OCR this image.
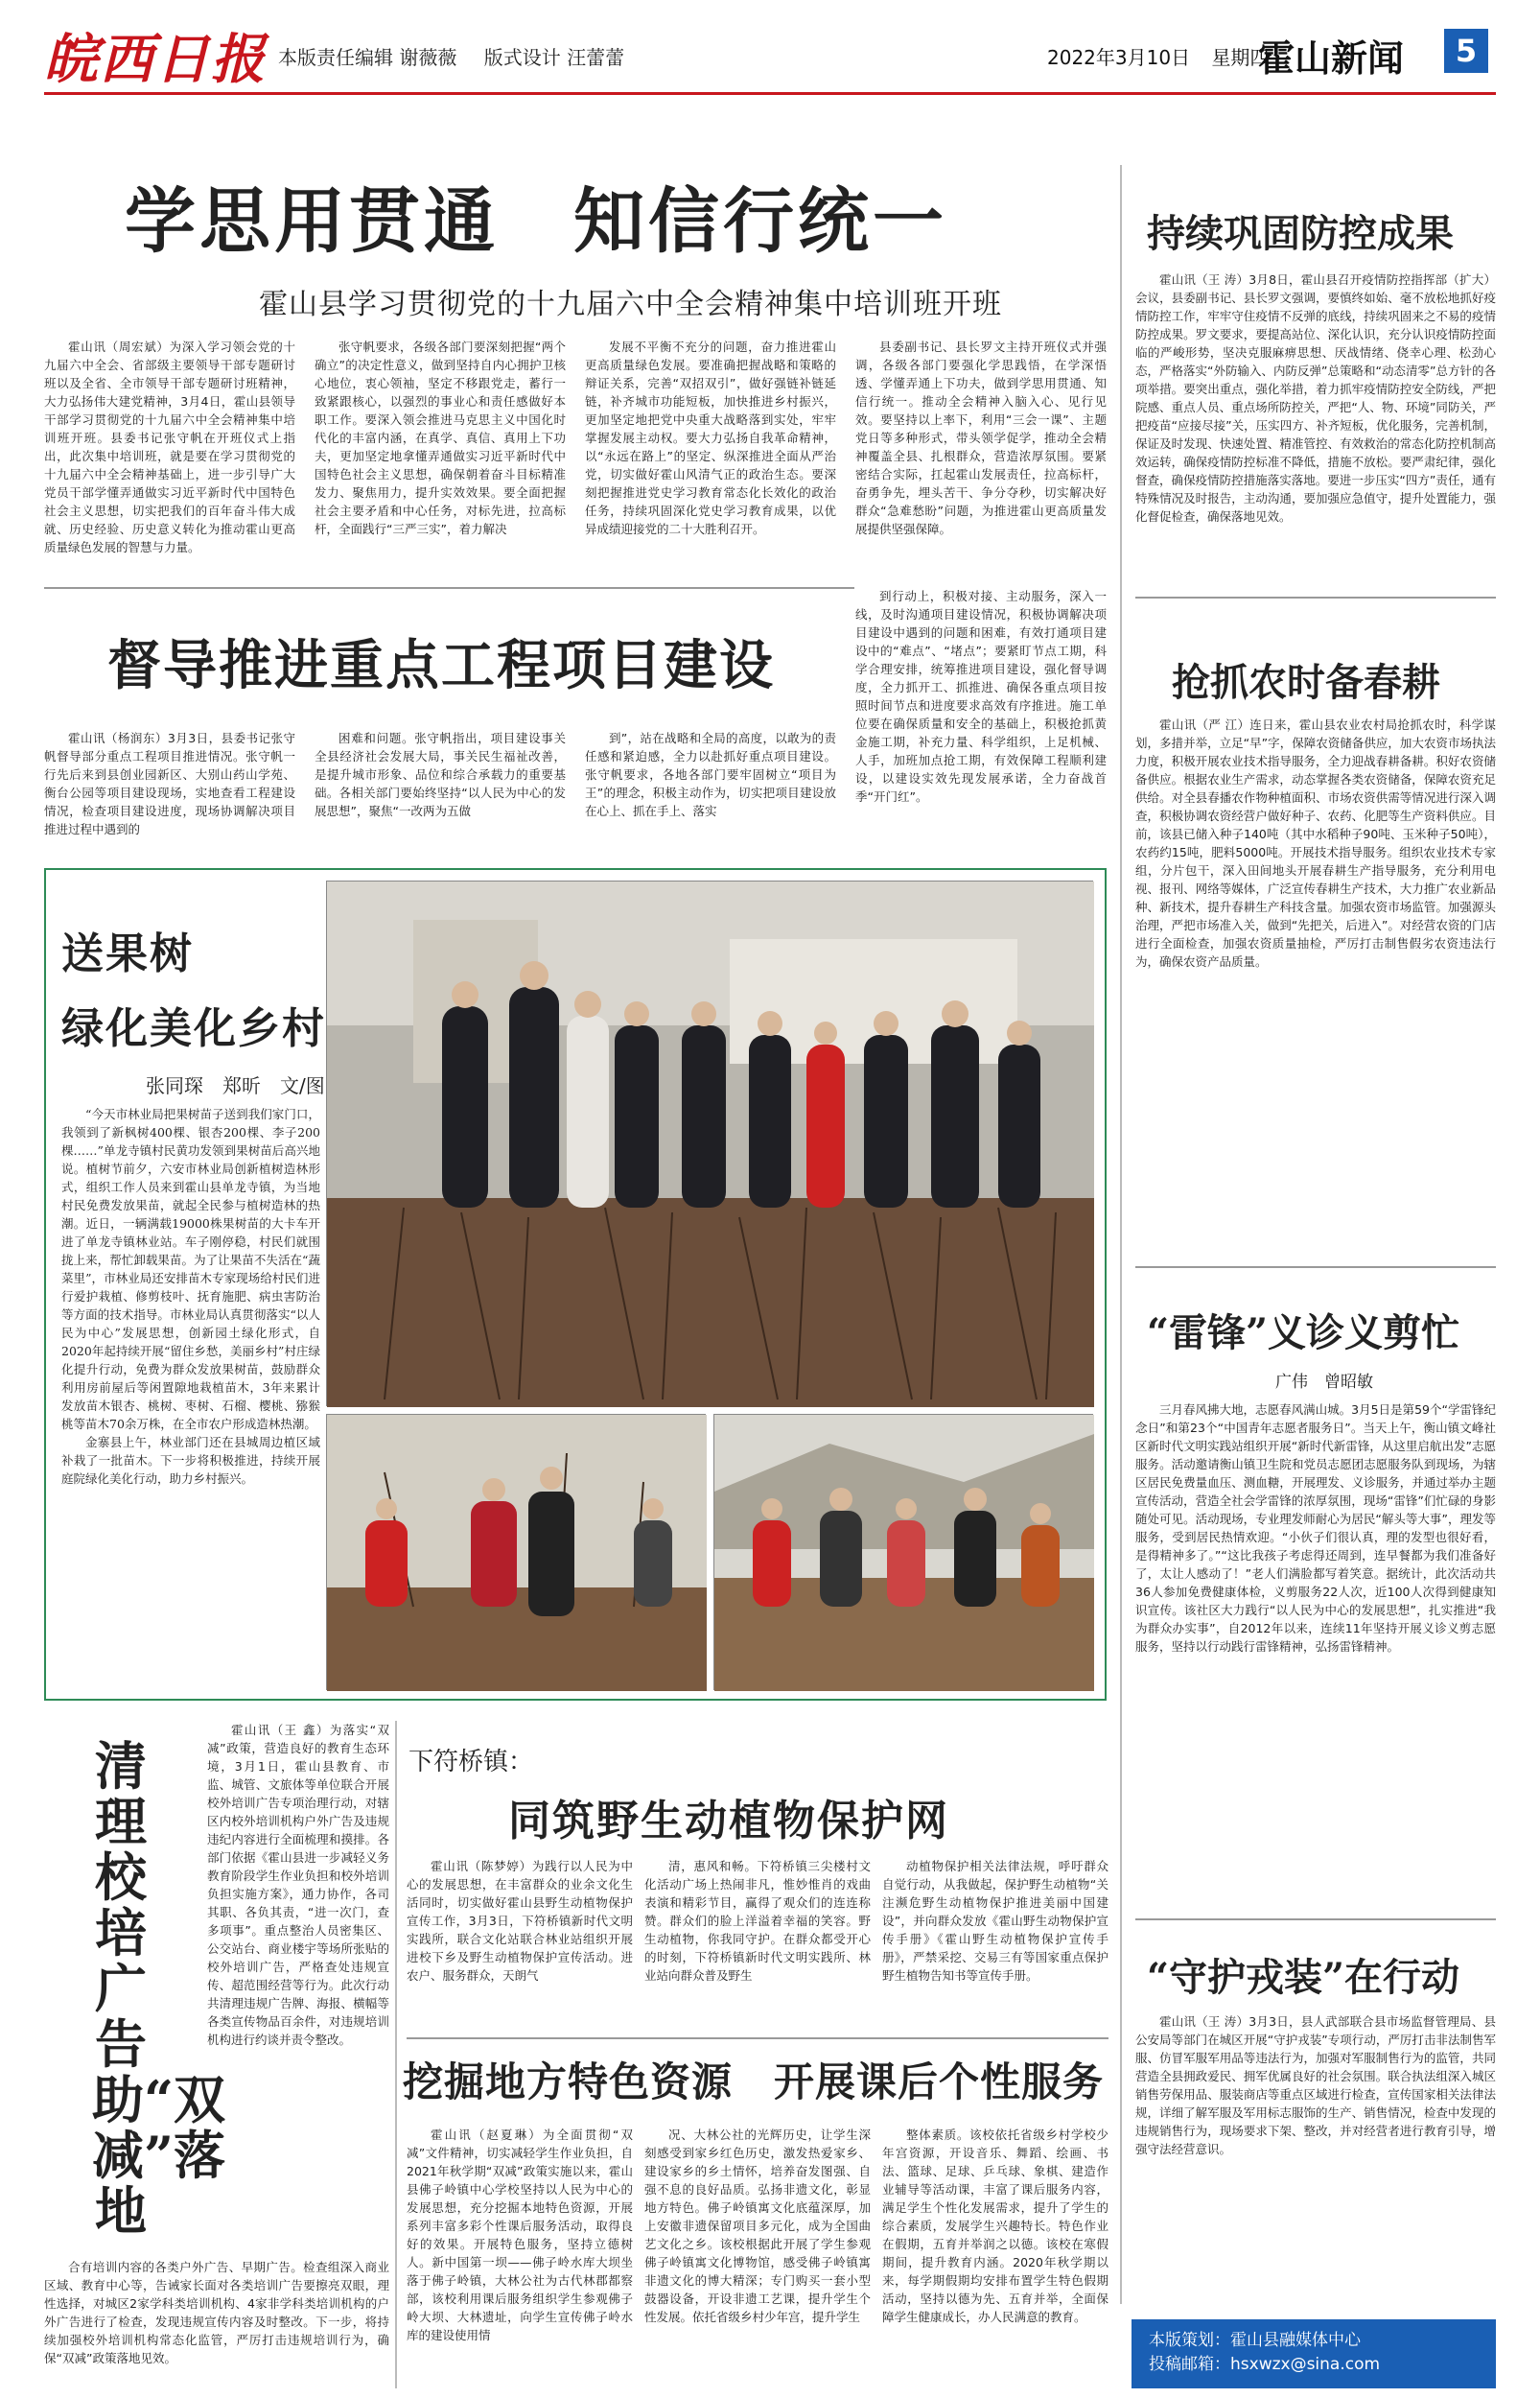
皖西日报 本版责任编辑 谢薇薇 版式设计 汪蕾蕾	2022年3月10日 星期四
霍山新闻	5
学思用贯通　知信行统一
霍山县学习贯彻党的十九届六中全会精神集中培训班开班

霍山讯（周宏斌）为深入学习领会党的十九届六中全会、省部级主要领导干部专题研讨班以及全省、全市领导干部专题研讨班精神，大力弘扬伟大建党精神，3月4日，霍山县领导干部学习贯彻党的十九届六中全会精神集中培训班开班。县委书记张守帆在开班仪式上指出，此次集中培训班，就是要在学习贯彻党的十九届六中全会精神基础上，进一步引导广大党员干部学懂弄通做实习近平新时代中国特色社会主义思想，切实把我们的百年奋斗伟大成就、历史经验、历史意义转化为推动霍山更高质量绿色发展的智慧与力量。

张守帆要求，各级各部门要深刻把握“两个确立”的决定性意义，做到坚持自内心拥护卫核心地位，衷心领袖，坚定不移跟党走，蓄行一致紧跟核心，以强烈的事业心和责任感做好本职工作。要深入领会推进马克思主义中国化时代化的丰富内涵，在真学、真信、真用上下功夫，更加坚定地拿懂弄通做实习近平新时代中国特色社会主义思想，确保朝着奋斗目标精准发力、聚焦用力，提升实效效果。要全面把握社会主要矛盾和中心任务，对标先进，拉高标杆，全面践行“三严三实”，着力解决

发展不平衡不充分的问题，奋力推进霍山更高质量绿色发展。要准确把握战略和策略的辩证关系，完善“双招双引”，做好强链补链延链，补齐城市功能短板，加快推进乡村振兴，更加坚定地把党中央重大战略落到实处，牢牢掌握发展主动权。要大力弘扬自我革命精神，以“永远在路上”的坚定、纵深推进全面从严治党，切实做好霍山风清气正的政治生态。要深刻把握推进党史学习教育常态化长效化的政治任务，持续巩固深化党史学习教育成果，以优异成绩迎接党的二十大胜利召开。

县委副书记、县长罗文主持开班仪式并强调，各级各部门要强化学思践悟，在学深悟透、学懂弄通上下功夫，做到学思用贯通、知信行统一。推动全会精神入脑入心、见行见效。要坚持以上率下，利用“三会一课”、主题党日等多种形式，带头领学促学，推动全会精神覆盖全县、扎根群众，营造浓厚氛围。要紧密结合实际，扛起霍山发展责任，拉高标杆，奋勇争先，埋头苦干、争分夺秒，切实解决好群众“急难愁盼”问题，为推进霍山更高质量发展提供坚强保障。

督导推进重点工程项目建设

霍山讯（杨润东）3月3日，县委书记张守帆督导部分重点工程项目推进情况。张守帆一行先后来到县创业园新区、大别山药山学苑、衡台公园等项目建设现场，实地查看工程建设情况，检查项目建设进度，现场协调解决项目推进过程中遇到的

困难和问题。张守帆指出，项目建设事关全县经济社会发展大局，事关民生福祉改善，是提升城市形象、品位和综合承载力的重要基础。各相关部门要始终坚持“以人民为中心的发展思想”，聚焦“一改两为五做

到”，站在战略和全局的高度，以敢为的责任感和紧迫感，全力以赴抓好重点项目建设。张守帆要求，各地各部门要牢固树立“项目为王”的理念，积极主动作为，切实把项目建设放在心上、抓在手上、落实

到行动上，积极对接、主动服务，深入一线，及时沟通项目建设情况，积极协调解决项目建设中遇到的问题和困难，有效打通项目建设中的“难点”、“堵点”；要紧盯节点工期，科学合理安排，统筹推进项目建设，强化督导调度，全力抓开工、抓推进、确保各重点项目按照时间节点和进度要求高效有序推进。施工单位要在确保质量和安全的基础上，积极抢抓黄金施工期，补充力量、科学组织，上足机械、人手，加班加点抢工期，有效保障工程顺利建设，以建设实效先现发展承诺，全力奋战首季“开门红”。

送果树
绿化美化乡村
张同琛　郑昕　文/图

“今天市林业局把果树苗子送到我们家门口，我领到了新枫树400棵、银杏200棵、李子200棵……”单龙寺镇村民黄功发领到果树苗后高兴地说。植树节前夕，六安市林业局创新植树造林形式，组织工作人员来到霍山县单龙寺镇，为当地村民免费发放果苗，就起全民参与植树造林的热潮。近日，一辆满载19000株果树苗的大卡车开进了单龙寺镇林业站。车子刚停稳，村民们就围拢上来，帮忙卸载果苗。为了让果苗不失活在“蔬菜里”，市林业局还安排苗木专家现场给村民们进行爱护栽植、修剪枝叶、抚育施肥、病虫害防治等方面的技术指导。市林业局认真贯彻落实“以人民为中心”发展思想，创新园土绿化形式，自2020年起持续开展“留住乡愁，美丽乡村”村庄绿化提升行动，免费为群众发放果树苗，鼓励群众利用房前屋后等闲置隙地栽植苗木，3年来累计发放苗木银杏、桃树、枣树、石榴、樱桃、猕猴桃等苗木70余万株，在全市农户形成造林热潮。

金寨县上午，林业部门还在县城周边植区域补栽了一批苗木。下一步将积极推进，持续开展庭院绿化美化行动，助力乡村振兴。

持续巩固防控成果

霍山讯（王 涛）3月8日，霍山县召开疫情防控指挥部（扩大）会议，县委副书记、县长罗文强调，要慎终如始、毫不放松地抓好疫情防控工作，牢牢守住疫情不反弹的底线，持续巩固来之不易的疫情防控成果。罗文要求，要提高站位、深化认识，充分认识疫情防控面临的严峻形势，坚决克服麻痹思想、厌战情绪、侥幸心理、松劲心态，严格落实“外防输入、内防反弹”总策略和“动态清零”总方针的各项举措。要突出重点，强化举措，着力抓牢疫情防控安全防线，严把院感、重点人员、重点场所防控关，严把“人、物、环境”同防关，严把疫苗“应接尽接”关，压实四方、补齐短板，优化服务，完善机制，保证及时发现、快速处置、精准管控、有效救治的常态化防控机制高效运转，确保疫情防控标准不降低，措施不放松。要严肃纪律，强化督查，确保疫情防控措施落实落地。要进一步压实“四方”责任，通有特殊情况及时报告，主动沟通，要加强应急值守，提升处置能力，强化督促检查，确保落地见效。

抢抓农时备春耕

霍山讯（严 江）连日来，霍山县农业农村局抢抓农时，科学谋划，多措并举，立足“早”字，保障农资储备供应，加大农资市场执法力度，积极开展农业技术指导服务，全力迎战春耕备耕。积好农资储备供应。根据农业生产需求，动态掌握各类农资储备，保障农资充足供给。对全县春播农作物种植面积、市场农资供需等情况进行深入调查，积极协调农资经营户做好种子、农药、化肥等生产资料供应。目前，该县已储入种子140吨（其中水稻种子90吨、玉米种子50吨），农药约15吨，肥料5000吨。开展技术指导服务。组织农业技术专家组，分片包干，深入田间地头开展春耕生产指导服务，充分利用电视、报刊、网络等媒体，广泛宣传春耕生产技术，大力推广农业新品种、新技术，提升春耕生产科技含量。加强农资市场监管。加强源头治理，严把市场准入关，做到“先把关，后进入”。对经营农资的门店进行全面检查，加强农资质量抽检，严厉打击制售假劣农资违法行为，确保农资产品质量。

“雷锋”义诊义剪忙
广伟　曾昭敏

三月春风拂大地，志愿春风满山城。3月5日是第59个“学雷锋纪念日”和第23个“中国青年志愿者服务日”。当天上午，衡山镇文峰社区新时代文明实践站组织开展“新时代新雷锋，从这里启航出发”志愿服务。活动邀请衡山镇卫生院和党员志愿团志愿服务队到现场，为辖区居民免费量血压、测血糖，开展理发、义诊服务，并通过举办主题宣传活动，营造全社会学雷锋的浓厚氛围，现场“雷锋”们忙碌的身影随处可见。活动现场，专业理发师耐心为居民“解头等大事”，理发等服务，受到居民热情欢迎。“小伙子们很认真，理的发型也很好看，是得精神多了。”“这比我孩子考虑得还周到，连早餐都为我们准备好了，太让人感动了！”老人们满脸都写着笑意。据统计，此次活动共36人参加免费健康体检，义剪服务22人次，近100人次得到健康知识宣传。该社区大力践行“以人民为中心的发展思想”，扎实推进“我为群众办实事”，自2012年以来，连续11年坚持开展义诊义剪志愿服务，坚持以行动践行雷锋精神，弘扬雷锋精神。

“守护戎装”在行动

霍山讯（王 涛）3月3日，县人武部联合县市场监督管理局、县公安局等部门在城区开展“守护戎装”专项行动，严厉打击非法制售军服、仿冒军服军用品等违法行为，加强对军服制售行为的监管，共同营造全县拥政爱民、拥军优属良好的社会氛围。联合执法组深入城区销售劳保用品、服装商店等重点区域进行检查，宣传国家相关法律法规，详细了解军服及军用标志服饰的生产、销售情况，检查中发现的违规销售行为，现场要求下架、整改，并对经营者进行教育引导，增强守法经营意识。

本版策划：霍山县融媒体中心
投稿邮箱：hsxwzx@sina.com
清理校培广告助“双减”落地

霍山讯（王 鑫）为落实“双减”政策，营造良好的教育生态环境，3月1日，霍山县教育、市监、城管、文旅体等单位联合开展校外培训广告专项治理行动，对辖区内校外培训机构户外广告及违规违纪内容进行全面梳理和摸排。各部门依据《霍山县进一步减轻义务教育阶段学生作业负担和校外培训负担实施方案》，通力协作，各司其职、各负其责，“进一次门，查多项事”。重点整治人员密集区、公交站台、商业楼宇等场所张贴的校外培训广告，严格查处违规宣传、超范围经营等行为。此次行动共清理违规广告牌、海报、横幅等各类宣传物品百余件，对违规培训机构进行约谈并责令整改。

合有培训内容的各类户外广告、早期广告。检查组深入商业区域、教育中心等，告诫家长面对各类培训广告要擦亮双眼，理性选择，对城区2家学科类培训机构、4家非学科类培训机构的户外广告进行了检查，发现违规宣传内容及时整改。下一步，将持续加强校外培训机构常态化监管，严厉打击违规培训行为，确保“双减”政策落地见效。

下符桥镇：
同筑野生动植物保护网

霍山讯（陈梦婷）为践行以人民为中心的发展思想，在丰富群众的业余文化生活同时，切实做好霍山县野生动植物保护宣传工作，3月3日，下符桥镇新时代文明实践所，联合文化站联合林业站组织开展进校下乡及野生动植物保护宣传活动。进农户、服务群众，天朗气

清，惠风和畅。下符桥镇三尖楼村文化活动广场上热闹非凡，惟妙惟肖的戏曲表演和精彩节目，赢得了观众们的连连称赞。群众们的脸上洋溢着幸福的笑容。野生动植物，你我同守护。在群众都受开心的时刻，下符桥镇新时代文明实践所、林业站向群众普及野生

动植物保护相关法律法规，呼吁群众自觉行动，从我做起，保护野生动植物“关注濒危野生动植物保护推进美丽中国建设”，并向群众发放《霍山野生动物保护宣传手册》《霍山野生动植物保护宣传手册》，严禁采挖、交易三有等国家重点保护野生植物告知书等宣传手册。

挖掘地方特色资源　开展课后个性服务

霍山讯（赵夏琳）为全面贯彻“双减”文件精神，切实减轻学生作业负担，自2021年秋学期“双减”政策实施以来，霍山县佛子岭镇中心学校坚持以人民为中心的发展思想，充分挖掘本地特色资源，开展系列丰富多彩个性课后服务活动，取得良好的效果。开展特色服务，坚持立德树人。新中国第一坝——佛子岭水库大坝坐落于佛子岭镇，大林公社为古代林郡都察部，该校利用课后服务组织学生参观佛子岭大坝、大林遗址，向学生宣传佛子岭水库的建设使用情

况、大林公社的光辉历史，让学生深刻感受到家乡红色历史，激发热爱家乡、建设家乡的乡土情怀，培养奋发图强、自强不息的良好品质。弘扬非遗文化，彰显地方特色。佛子岭镇寓文化底蕴深厚，加上安徽非遗保留项目多元化，成为全国曲艺文化之乡。该校根据此开展了学生参观佛子岭镇寓文化博物馆，感受佛子岭镇寓非遗文化的博大精深；专门购买一套小型鼓器设备，开设非遗工艺课，提升学生个性发展。依托省级乡村少年宫，提升学生

整体素质。该校依托省级乡村学校少年宫资源，开设音乐、舞蹈、绘画、书法、篮球、足球、乒乓球、象棋、建造作业辅导等活动课，丰富了课后服务内容，满足学生个性化发展需求，提升了学生的综合素质，发展学生兴趣特长。特色作业在假期，五育并举润之以德。该校在寒假期间，提升教育内涵。2020年秋学期以来，每学期假期均安排布置学生特色假期活动，坚持以德为先、五育并举，全面保障学生健康成长，办人民满意的教育。
